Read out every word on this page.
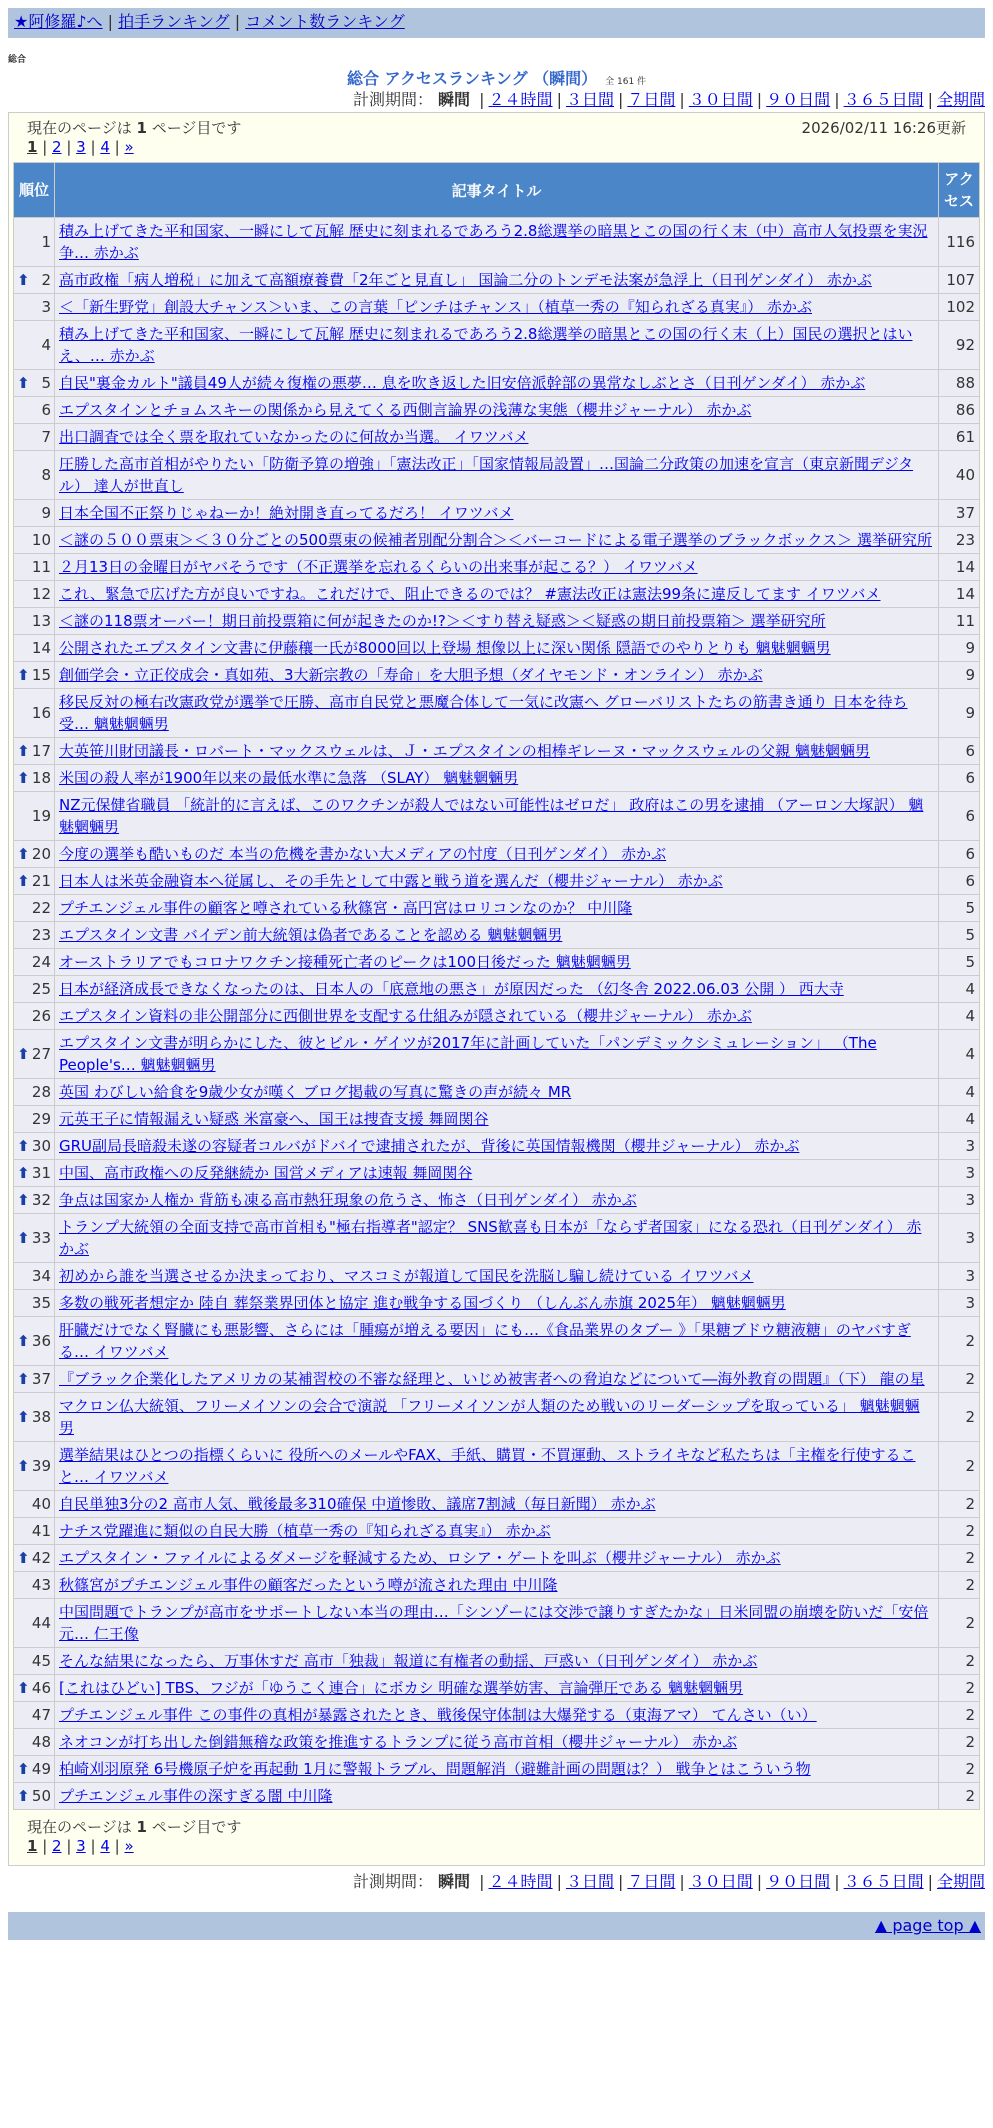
★阿修羅♪へ | 拍手ランキング | コメント数ランキング
総合
総合 アクセスランキング （瞬間） 全 161 件
計測期間： 瞬間 | ２４時間 | ３日間 | ７日間 | ３０日間 | ９０日間 | ３６５日間 | 全期間
現在のページは 1 ページ目です	2026/02/11 16:26更新
1 | 2 | 3 | 4 | »
順位	記事タイトル	アクセス
1	積み上げてきた平和国家、一瞬にして瓦解 歴史に刻まれるであろう2.8総選挙の暗黒とこの国の行く末（中）高市人気投票を実況争… 赤かぶ	116

⬆ 2	高市政権「病人増税」に加えて高額療養費「2年ごと見直し」 国論二分のトンデモ法案が急浮上（日刊ゲンダイ） 赤かぶ	107
3	＜「新生野党」創設大チャンス＞いま、この言葉「ピンチはチャンス」（植草一秀の『知られざる真実』） 赤かぶ	102
4	積み上げてきた平和国家、一瞬にして瓦解 歴史に刻まれるであろう2.8総選挙の暗黒とこの国の行く末（上）国民の選択とはいえ、… 赤かぶ	92

⬆ 5	自民"裏金カルト"議員49人が続々復権の悪夢… 息を吹き返した旧安倍派幹部の異常なしぶとさ（日刊ゲンダイ） 赤かぶ	88
6	エプスタインとチョムスキーの関係から見えてくる西側言論界の浅薄な実態（櫻井ジャーナル） 赤かぶ	86
7	出口調査では全く票を取れていなかったのに何故か当選。 イワツバメ	61
8	圧勝した高市首相がやりたい「防衛予算の増強」「憲法改正」「国家情報局設置」…国論二分政策の加速を宣言（東京新聞デジタル） 達人が世直し	40
9	日本全国不正祭りじゃねーか！絶対開き直ってるだろ！ イワツバメ	37
10	＜謎の５００票束＞＜３０分ごとの500票束の候補者別配分割合＞＜バーコードによる電子選挙のブラックボックス＞ 選挙研究所	23
11	２月13日の金曜日がヤバそうです（不正選挙を忘れるくらいの出来事が起こる？） イワツバメ	14
12	これ、緊急で広げた方が良いですね。これだけで、阻止できるのでは？ #憲法改正は憲法99条に違反してます イワツバメ	14
13	＜謎の118票オーバー！期日前投票箱に何が起きたのか!?＞＜すり替え疑惑＞＜疑惑の期日前投票箱＞ 選挙研究所	11
14	公開されたエプスタイン文書に伊藤穰一氏が8000回以上登場 想像以上に深い関係 隠語でのやりとりも 魑魅魍魎男	9

⬆ 15	創価学会・立正佼成会・真如苑、3大新宗教の「寿命」を大胆予想（ダイヤモンド・オンライン） 赤かぶ	9
16	移民反対の極右改憲政党が選挙で圧勝、高市自民党と悪魔合体して一気に改憲へ グローバリストたちの筋書き通り 日本を待ち受… 魑魅魍魎男	9

⬆ 17	大英笹川財団議長・ロバート・マックスウェルは、Ｊ・エプスタインの相棒ギレーヌ・マックスウェルの父親 魑魅魍魎男	6

⬆ 18	米国の殺人率が1900年以来の最低水準に急落 （SLAY） 魑魅魍魎男	6
19	NZ元保健省職員 「統計的に言えば、このワクチンが殺人ではない可能性はゼロだ」 政府はこの男を逮捕 （アーロン大塚訳） 魑魅魍魎男	6

⬆ 20	今度の選挙も酷いものだ 本当の危機を書かない大メディアの忖度（日刊ゲンダイ） 赤かぶ	6

⬆ 21	日本人は米英金融資本へ従属し、その手先として中露と戦う道を選んだ（櫻井ジャーナル） 赤かぶ	6
22	プチエンジェル事件の顧客と噂されている秋篠宮・高円宮はロリコンなのか？ 中川隆	5
23	エプスタイン文書 バイデン前大統領は偽者であることを認める 魑魅魍魎男	5
24	オーストラリアでもコロナワクチン接種死亡者のピークは100日後だった 魑魅魍魎男	5
25	日本が経済成長できなくなったのは、日本人の「底意地の悪さ」が原因だった （幻冬舎 2022.06.03 公開 ） 西大寺	4
26	エプスタイン資料の非公開部分に西側世界を支配する仕組みが隠されている（櫻井ジャーナル） 赤かぶ	4

⬆ 27	エプスタイン文書が明らかにした、彼とビル・ゲイツが2017年に計画していた「パンデミックシミュレーション」 （The People's… 魑魅魍魎男	4
28	英国 わびしい給食を9歳少女が嘆く ブログ掲載の写真に驚きの声が続々 MR	4
29	元英王子に情報漏えい疑惑 米富豪へ、国王は捜査支援 舞岡関谷	4

⬆ 30	GRU副局長暗殺未遂の容疑者コルバがドバイで逮捕されたが、背後に英国情報機関（櫻井ジャーナル） 赤かぶ	3

⬆ 31	中国、高市政権への反発継続か 国営メディアは速報 舞岡関谷	3

⬆ 32	争点は国家か人権か 背筋も凍る高市熱狂現象の危うさ、怖さ（日刊ゲンダイ） 赤かぶ	3

⬆ 33	トランプ大統領の全面支持で高市首相も"極右指導者"認定？ SNS歓喜も日本が「ならず者国家」になる恐れ（日刊ゲンダイ） 赤かぶ	3
34	初めから誰を当選させるか決まっており、マスコミが報道して国民を洗脳し騙し続けている イワツバメ	3
35	多数の戦死者想定か 陸自 葬祭業界団体と協定 進む戦争する国づくり （しんぶん赤旗 2025年） 魑魅魍魎男	3

⬆ 36	肝臓だけでなく腎臓にも悪影響、さらには「腫瘍が増える要因」にも…《食品業界のタブー 》「果糖ブドウ糖液糖」のヤバすぎる… イワツバメ	2

⬆ 37	『ブラック企業化したアメリカの某補習校の不審な経理と、いじめ被害者への脅迫などについて―海外教育の問題』（下） 龍の星	2

⬆ 38	マクロン仏大統領、フリーメイソンの会合で演説 「フリーメイソンが人類のため戦いのリーダーシップを取っている」 魑魅魍魎男	2

⬆ 39	選挙結果はひとつの指標くらいに 役所へのメールやFAX、手紙、購買・不買運動、ストライキなど私たちは「主権を行使すること… イワツバメ	2
40	自民単独3分の2 高市人気、戦後最多310確保 中道惨敗、議席7割減（毎日新聞） 赤かぶ	2
41	ナチス党躍進に類似の自民大勝（植草一秀の『知られざる真実』） 赤かぶ	2

⬆ 42	エプスタイン・ファイルによるダメージを軽減するため、ロシア・ゲートを叫ぶ（櫻井ジャーナル） 赤かぶ	2
43	秋篠宮がプチエンジェル事件の顧客だったという噂が流された理由 中川隆	2
44	中国問題でトランプが高市をサポートしない本当の理由…「シンゾーには交渉で譲りすぎたかな」日米同盟の崩壊を防いだ「安倍元… 仁王像	2
45	そんな結果になったら、万事休すだ 高市「独裁」報道に有権者の動揺、戸惑い（日刊ゲンダイ） 赤かぶ	2

⬆ 46	[これはひどい] TBS、フジが「ゆうこく連合」にボカシ 明確な選挙妨害、言論弾圧である 魑魅魍魎男	2
47	プチエンジェル事件 この事件の真相が暴露されたとき、戦後保守体制は大爆発する（東海アマ） てんさい（い）	2
48	ネオコンが打ち出した倒錯無稽な政策を推進するトランプに従う高市首相（櫻井ジャーナル） 赤かぶ	2

⬆ 49	柏崎刈羽原発 6号機原子炉を再起動 1月に警報トラブル、問題解消（避難計画の問題は？） 戦争とはこういう物	2

⬆ 50	プチエンジェル事件の深すぎる闇 中川隆	2
現在のページは 1 ページ目です
1 | 2 | 3 | 4 | »
計測期間： 瞬間 | ２４時間 | ３日間 | ７日間 | ３０日間 | ９０日間 | ３６５日間 | 全期間
▲ page top ▲
